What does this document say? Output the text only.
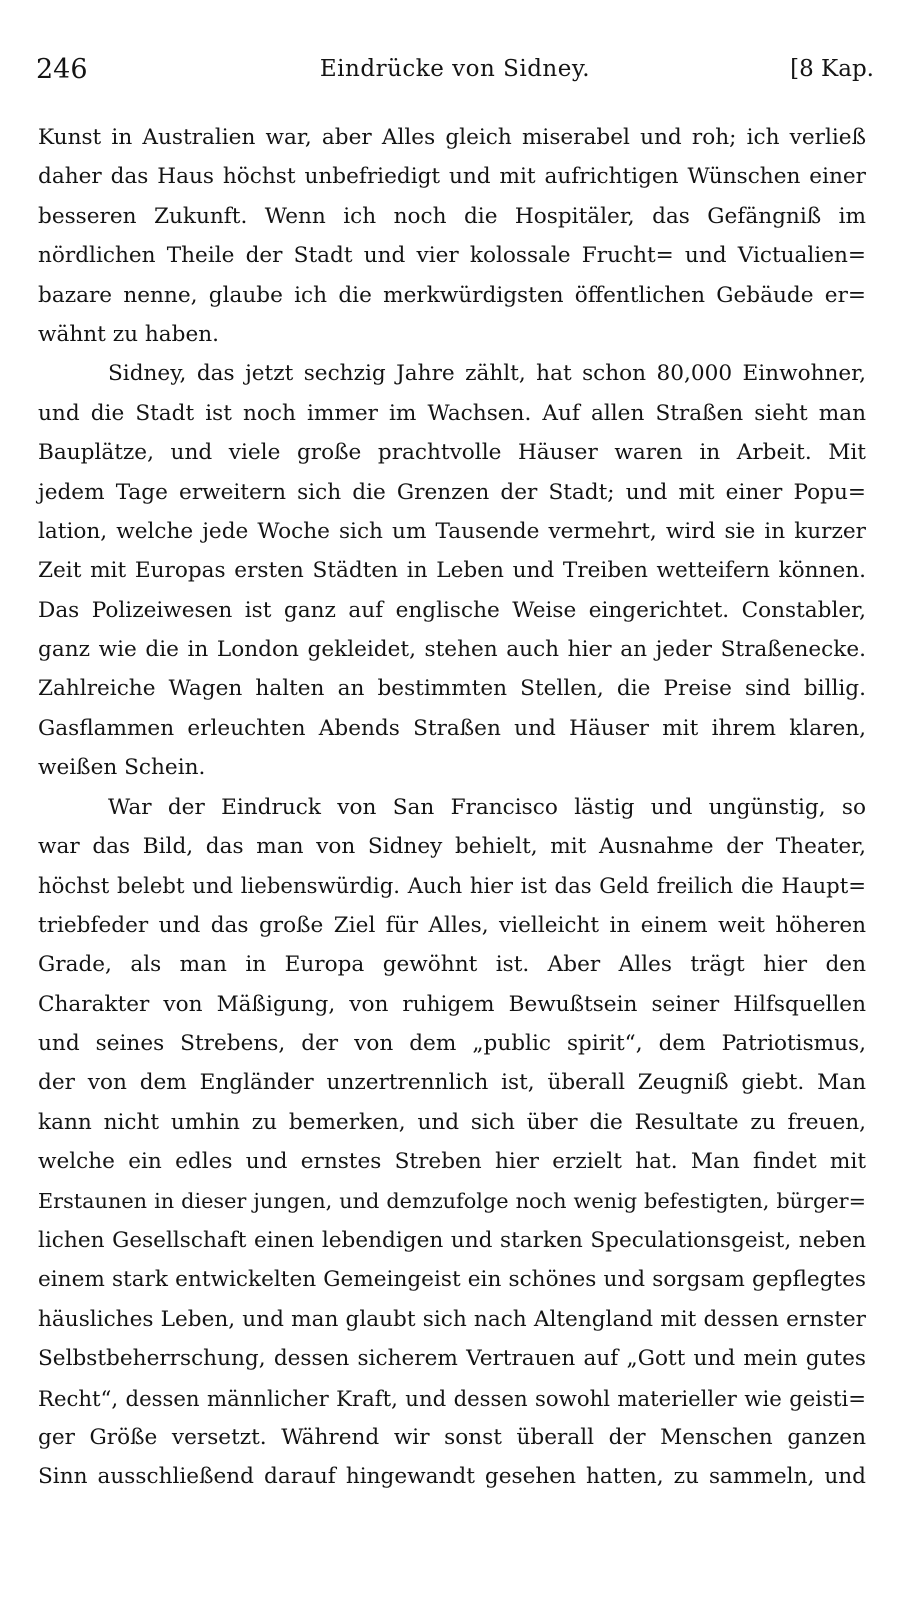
246	Eindrücke von Sidney.	[8 Kap.
Kunst in Australien war, aber Alles gleich miserabel und roh; ich verließ
daher das Haus höchst unbefriedigt und mit aufrichtigen Wünschen einer
besseren Zukunft. Wenn ich noch die Hospitäler, das Gefängniß im
nördlichen Theile der Stadt und vier kolossale Frucht= und Victualien=
bazare nenne, glaube ich die merkwürdigsten öffentlichen Gebäude er=
wähnt zu haben.
Sidney, das jetzt sechzig Jahre zählt, hat schon 80,000 Einwohner,
und die Stadt ist noch immer im Wachsen. Auf allen Straßen sieht man
Bauplätze, und viele große prachtvolle Häuser waren in Arbeit. Mit
jedem Tage erweitern sich die Grenzen der Stadt; und mit einer Popu=
lation, welche jede Woche sich um Tausende vermehrt, wird sie in kurzer
Zeit mit Europas ersten Städten in Leben und Treiben wetteifern können.
Das Polizeiwesen ist ganz auf englische Weise eingerichtet. Constabler,
ganz wie die in London gekleidet, stehen auch hier an jeder Straßenecke.
Zahlreiche Wagen halten an bestimmten Stellen, die Preise sind billig.
Gasflammen erleuchten Abends Straßen und Häuser mit ihrem klaren,
weißen Schein.
War der Eindruck von San Francisco lästig und ungünstig, so
war das Bild, das man von Sidney behielt, mit Ausnahme der Theater,
höchst belebt und liebenswürdig. Auch hier ist das Geld freilich die Haupt=
triebfeder und das große Ziel für Alles, vielleicht in einem weit höheren
Grade, als man in Europa gewöhnt ist. Aber Alles trägt hier den
Charakter von Mäßigung, von ruhigem Bewußtsein seiner Hilfsquellen
und seines Strebens, der von dem „public spirit“, dem Patriotismus,
der von dem Engländer unzertrennlich ist, überall Zeugniß giebt. Man
kann nicht umhin zu bemerken, und sich über die Resultate zu freuen,
welche ein edles und ernstes Streben hier erzielt hat. Man findet mit
Erstaunen in dieser jungen, und demzufolge noch wenig befestigten, bürger=
lichen Gesellschaft einen lebendigen und starken Speculationsgeist, neben
einem stark entwickelten Gemeingeist ein schönes und sorgsam gepflegtes
häusliches Leben, und man glaubt sich nach Altengland mit dessen ernster
Selbstbeherrschung, dessen sicherem Vertrauen auf „Gott und mein gutes
Recht“, dessen männlicher Kraft, und dessen sowohl materieller wie geisti=
ger Größe versetzt. Während wir sonst überall der Menschen ganzen
Sinn ausschließend darauf hingewandt gesehen hatten, zu sammeln, und
